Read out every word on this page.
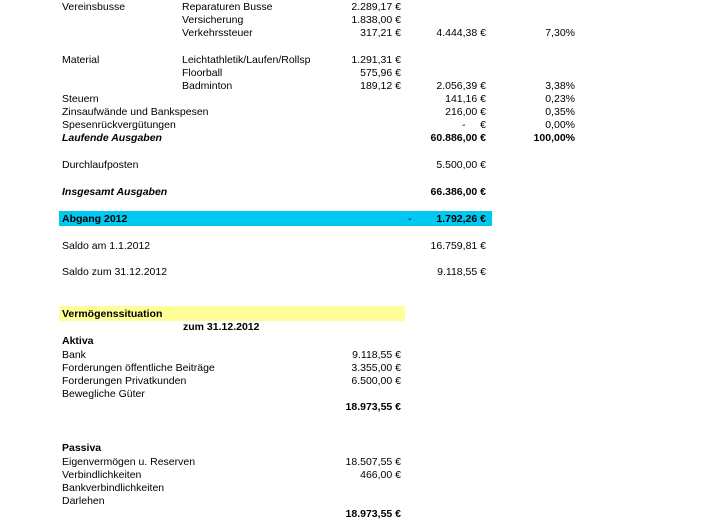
Vereinsbusse	Reparaturen Busse	2.289,17 €
Versicherung	1.838,00 €
Verkehrssteuer	317,21 €	4.444,38 €	7,30%
Material	Leichtathletik/Laufen/Rollsp	1.291,31 €
Floorball	575,96 €
Badminton	189,12 €	2.056,39 €	3,38%
Steuern	141,16 €	0,23%
Zinsaufwände und Bankspesen	216,00 €	0,35%
Spesenrückvergütungen	- €	0,00%
Laufende Ausgaben	60.886,00 €	100,00%
Durchlaufposten	5.500,00 €
Insgesamt Ausgaben	66.386,00 €
Abgang 2012	- 1.792,26 €
Saldo am 1.1.2012	16.759,81 €
Saldo zum 31.12.2012	9.118,55 €
Vermögenssituation
zum 31.12.2012
Aktiva
Bank	9.118,55 €
Forderungen öffentliche Beiträge	3.355,00 €
Forderungen Privatkunden	6.500,00 €
Bewegliche Güter
18.973,55 €
Passiva
Eigenvermögen u. Reserven	18.507,55 €
Verbindlichkeiten	466,00 €
Bankverbindlichkeiten
Darlehen
18.973,55 €
